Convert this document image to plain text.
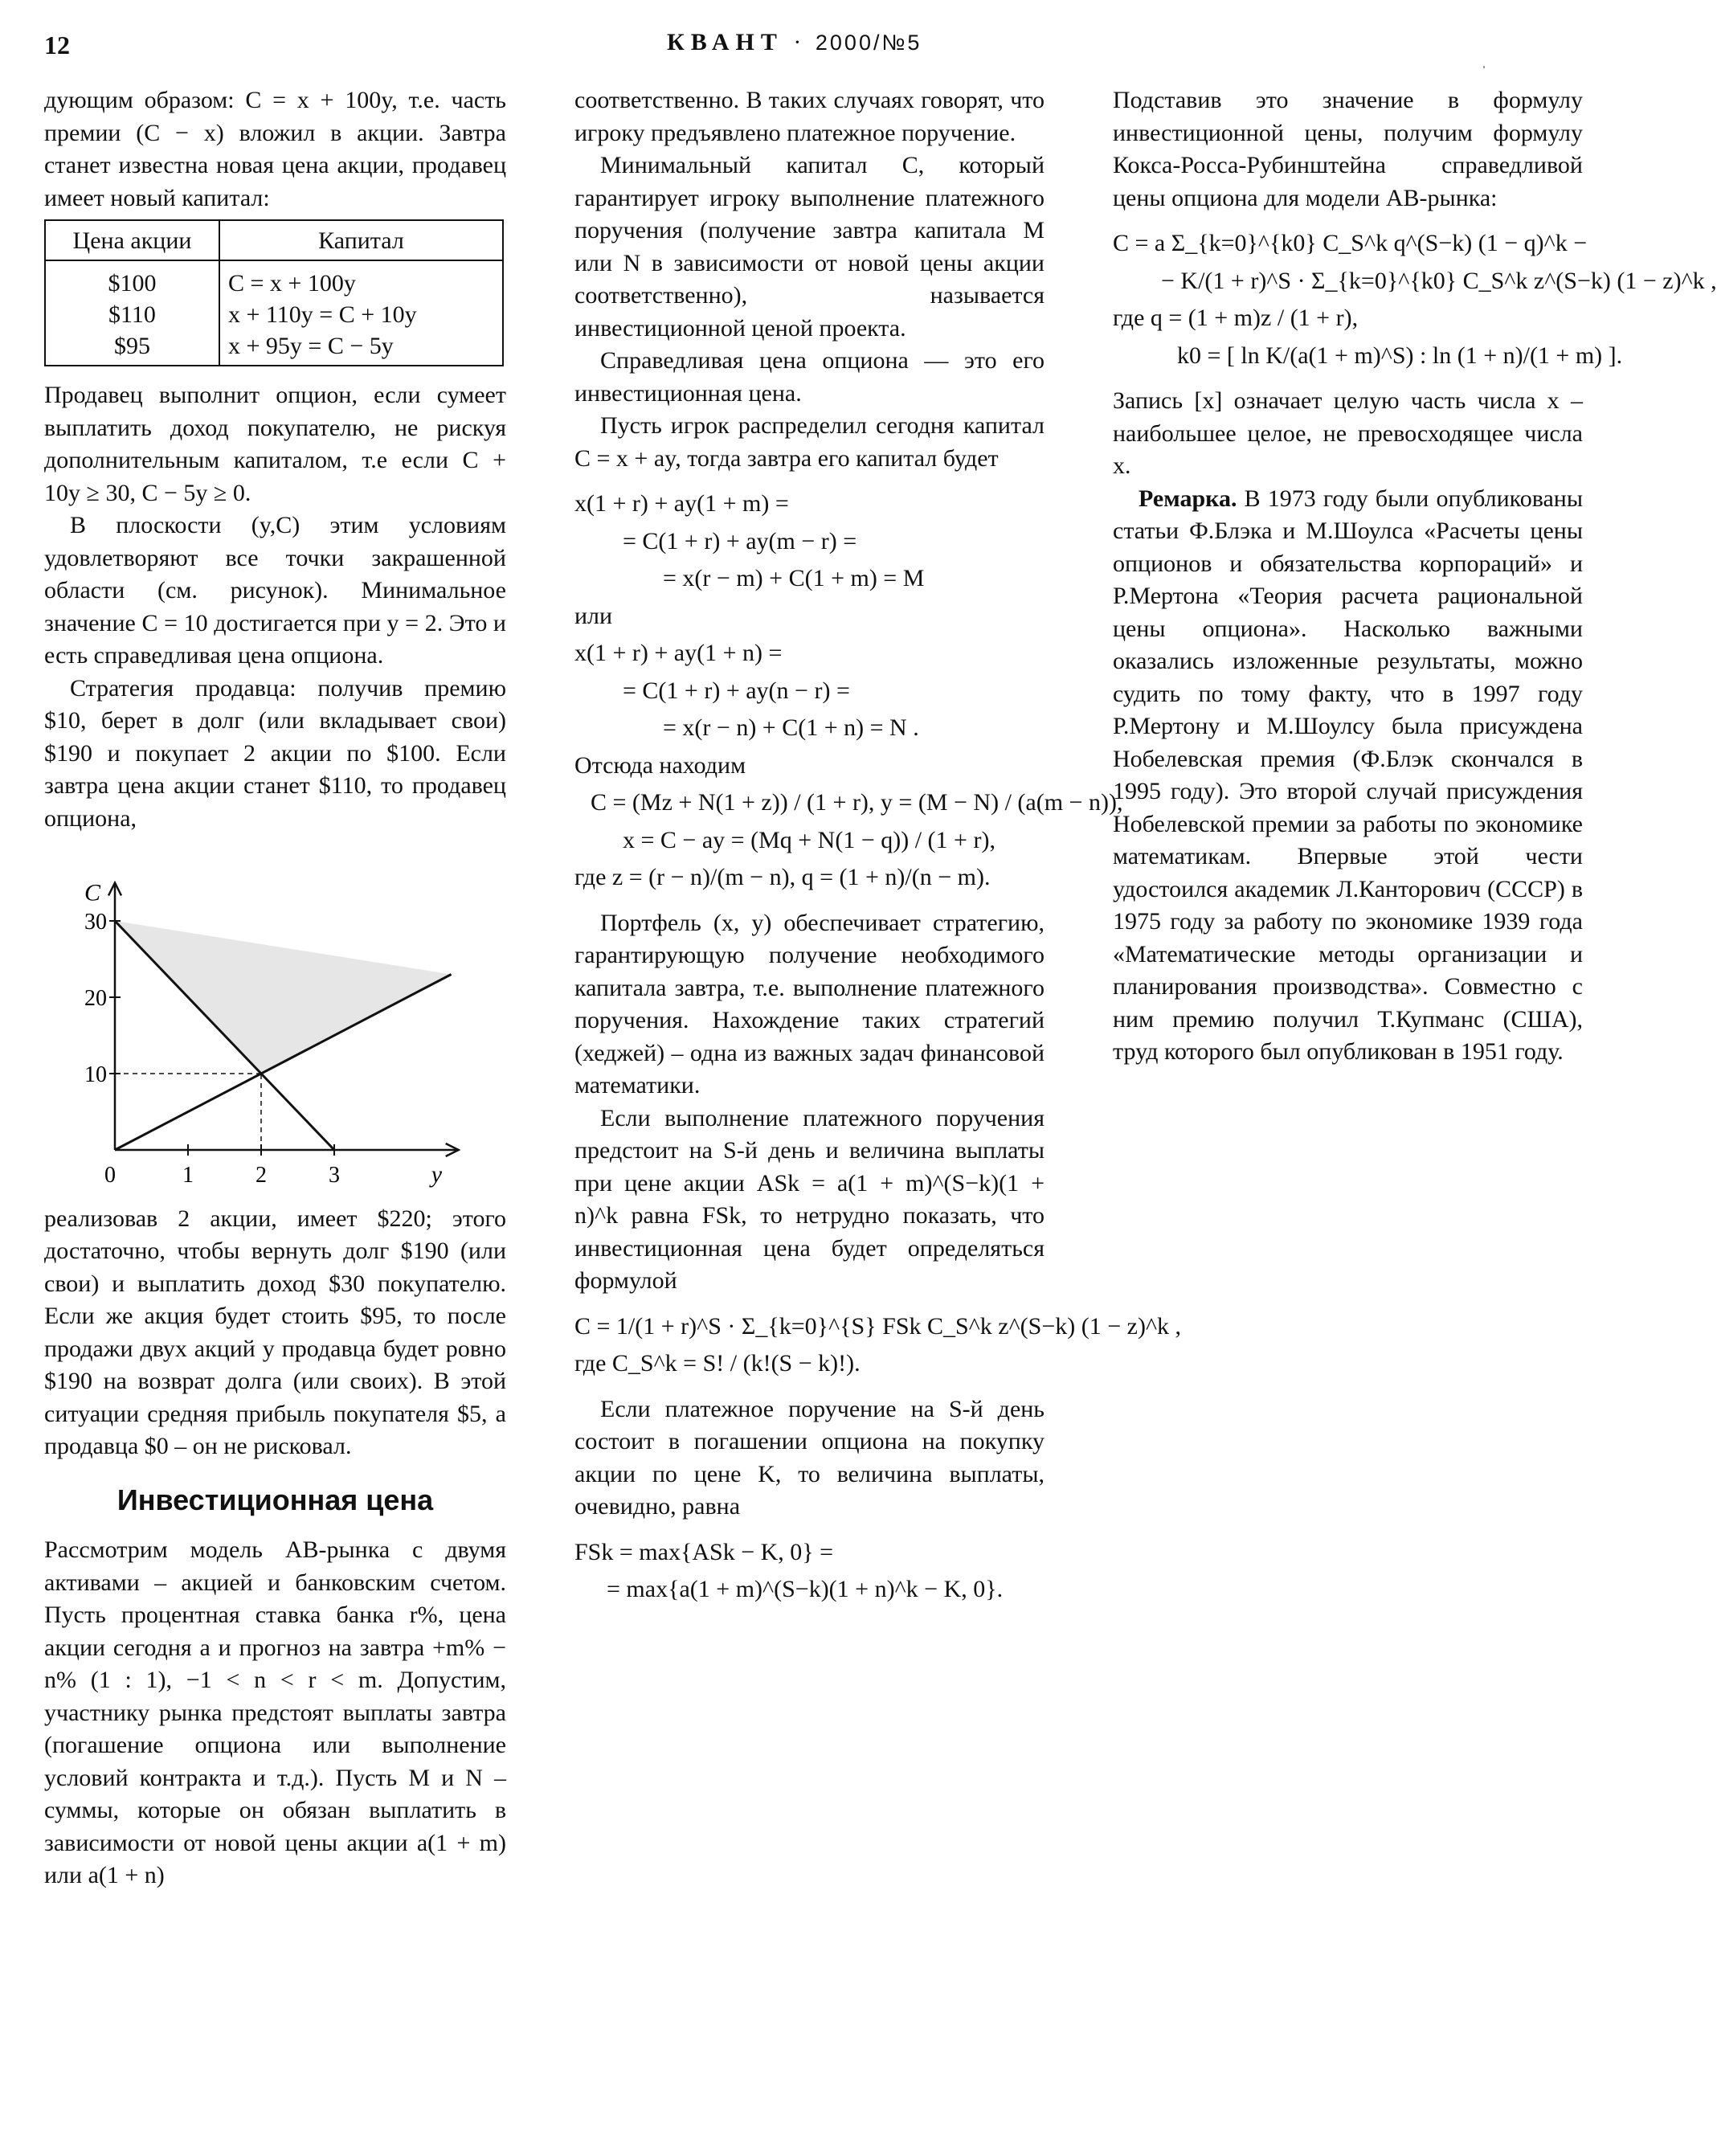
12	КВАНТ · 2000/№5

дующим образом: C = x + 100y, т.е. часть премии (C − x) вложил в акции. Завтра станет известна новая цена акции, продавец имеет новый капитал:

Цена акции	Капитал
$100	C = x + 100y
$110	x + 110y = C + 10y
$95	x + 95y = C − 5y

Продавец выполнит опцион, если сумеет выплатить доход покупателю, не рискуя дополнительным капиталом, т.е если C + 10y ≥ 30, C − 5y ≥ 0.

В плоскости (y,C) этим условиям удовлетворяют все точки закрашенной области (см. рисунок). Минимальное значение C = 10 достигается при y = 2. Это и есть справедливая цена опциона.

Стратегия продавца: получив премию $10, берет в долг (или вкладывает свои) $190 и покупает 2 акции по $100. Если завтра цена акции станет $110, то продавец опциона,

0	1	2	3
10
20
30
C
y

реализовав 2 акции, имеет $220; этого достаточно, чтобы вернуть долг $190 (или свои) и выплатить доход $30 покупателю. Если же акция будет стоить $95, то после продажи двух акций у продавца будет ровно $190 на возврат долга (или своих). В этой ситуации средняя прибыль покупателя $5, а продавца $0 – он не рисковал.

Инвестиционная цена

Рассмотрим модель AB-рынка с двумя активами – акцией и банковским счетом. Пусть процентная ставка банка r%, цена акции сегодня a и прогноз на завтра +m% − n% (1 : 1), −1 < n < r < m. Допустим, участнику рынка предстоят выплаты завтра (погашение опциона или выполнение условий контракта и т.д.). Пусть M и N – суммы, которые он обязан выплатить в зависимости от новой цены акции a(1 + m) или a(1 + n)

соответственно. В таких случаях говорят, что игроку предъявлено платежное поручение.

Минимальный капитал C, который гарантирует игроку выполнение платежного поручения (получение завтра капитала M или N в зависимости от новой цены акции соответственно), называется инвестиционной ценой проекта.

Справедливая цена опциона — это его инвестиционная цена.

Пусть игрок распределил сегодня капитал C = x + ay, тогда завтра его капитал будет

x(1 + r) + ay(1 + m) =
= C(1 + r) + ay(m − r) =
= x(r − m) + C(1 + m) = M

или

x(1 + r) + ay(1 + n) =
= C(1 + r) + ay(n − r) =
= x(r − n) + C(1 + n) = N .

Отсюда находим

C = (Mz + N(1 + z)) / (1 + r), y = (M − N) / (a(m − n)),
x = C − ay = (Mq + N(1 − q)) / (1 + r),
где z = (r − n)/(m − n), q = (1 + n)/(n − m).

Портфель (x, y) обеспечивает стратегию, гарантирующую получение необходимого капитала завтра, т.е. выполнение платежного поручения. Нахождение таких стратегий (хеджей) – одна из важных задач финансовой математики.

Если выполнение платежного поручения предстоит на S-й день и величина выплаты при цене акции ASk = a(1 + m)^(S−k)(1 + n)^k равна FSk, то нетрудно показать, что инвестиционная цена будет определяться формулой

C = 1/(1 + r)^S · Σ_{k=0}^{S} FSk C_S^k z^(S−k) (1 − z)^k ,
где C_S^k = S! / (k!(S − k)!).

Если платежное поручение на S-й день состоит в погашении опциона на покупку акции по цене K, то величина выплаты, очевидно, равна

FSk = max{ASk − K, 0} =
= max{a(1 + m)^(S−k)(1 + n)^k − K, 0}.

Подставив это значение в формулу инвестиционной цены, получим формулу Кокса-Росса-Рубинштейна справедливой цены опциона для модели AB-рынка:

C = a Σ_{k=0}^{k0} C_S^k q^(S−k) (1 − q)^k −
− K/(1 + r)^S · Σ_{k=0}^{k0} C_S^k z^(S−k) (1 − z)^k ,
где q = (1 + m)z / (1 + r),
k0 = [ ln K/(a(1 + m)^S) : ln (1 + n)/(1 + m) ].

Запись [x] означает целую часть числа x – наибольшее целое, не превосходящее числа x.

Ремарка. В 1973 году были опубликованы статьи Ф.Блэка и М.Шоулса «Расчеты цены опционов и обязательства корпораций» и Р.Мертона «Теория расчета рациональной цены опциона». Насколько важными оказались изложенные результаты, можно судить по тому факту, что в 1997 году Р.Мертону и М.Шоулсу была присуждена Нобелевская премия (Ф.Блэк скончался в 1995 году). Это второй случай присуждения Нобелевской премии за работы по экономике математикам. Впервые этой чести удостоился академик Л.Канторович (СССР) в 1975 году за работу по экономике 1939 года «Математические методы организации и планирования производства». Совместно с ним премию получил Т.Купманс (США), труд которого был опубликован в 1951 году.
